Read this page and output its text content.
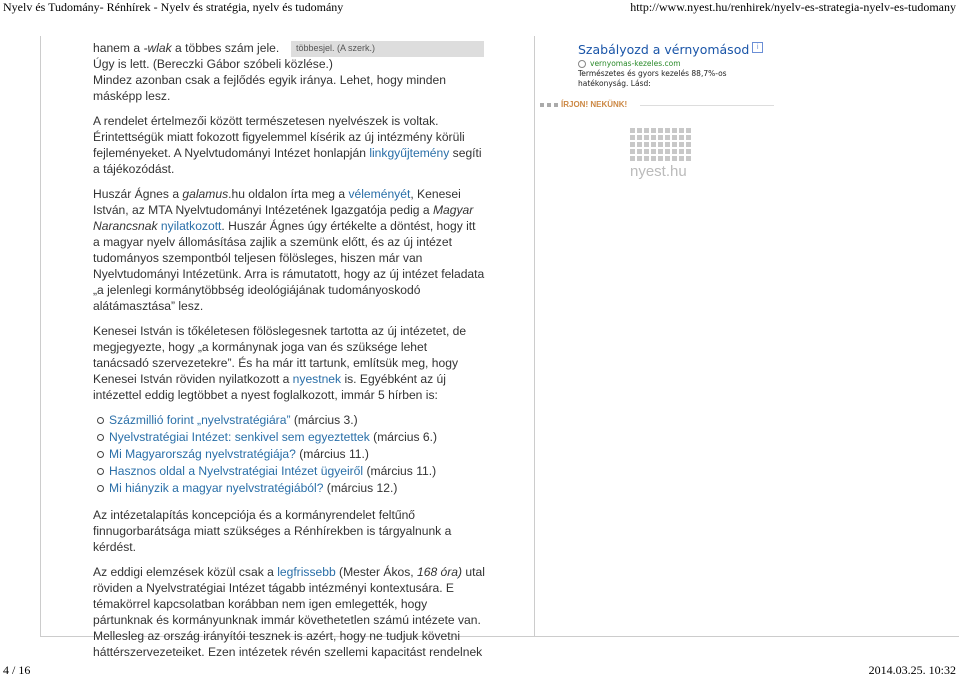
Nyelv és Tudomány- Rénhírek - Nyelv és stratégia, nyelv és tudomány	http://www.nyest.hu/renhirek/nyelv-es-strategia-nyelv-es-tudomany
többesjel. (A szerk.)

hanem a -wlak a többes szám jele.
Úgy is lett. (Bereczki Gábor szóbeli közlése.)
Mindez azonban csak a fejlődés egyik iránya. Lehet, hogy minden másképp lesz.

A rendelet értelmezői között természetesen nyelvészek is voltak. Érintettségük miatt fokozott figyelemmel kísérik az új intézmény körüli fejleményeket. A Nyelvtudományi Intézet honlapján linkgyűjtemény segíti a tájékozódást.

Huszár Ágnes a galamus.hu oldalon írta meg a véleményét, Kenesei István, az MTA Nyelvtudományi Intézetének Igazgatója pedig a Magyar Narancsnak nyilatkozott. Huszár Ágnes úgy értékelte a döntést, hogy itt a magyar nyelv állomásítása zajlik a szemünk előtt, és az új intézet tudományos szempontból teljesen fölösleges, hiszen már van Nyelvtudományi Intézetünk. Arra is rámutatott, hogy az új intézet feladata „a jelenlegi kormánytöbbség ideológiájának tudományoskodó alátámasztása” lesz.

Kenesei István is tőkéletesen fölöslegesnek tartotta az új intézetet, de megjegyezte, hogy „a kormánynak joga van és szüksége lehet tanácsadó szervezetekre”. És ha már itt tartunk, említsük meg, hogy Kenesei István röviden nyilatkozott a nyestnek is. Egyébként az új intézettel eddig legtöbbet a nyest foglalkozott, immár 5 hírben is:

Százmillió forint „nyelvstratégiára” (március 3.)
Nyelvstratégiai Intézet: senkivel sem egyeztettek (március 6.)
Mi Magyarország nyelvstratégiája? (március 11.)
Hasznos oldal a Nyelvstratégiai Intézet ügyeiről (március 11.)
Mi hiányzik a magyar nyelvstratégiából? (március 12.)

Az intézetalapítás koncepciója és a kormányrendelet feltűnő finnugorbarátsága miatt szükséges a Rénhírekben is tárgyalnunk a kérdést.

Az eddigi elemzések közül csak a legfrissebb (Mester Ákos, 168 óra) utal röviden a Nyelvstratégiai Intézet tágabb intézményi kontextusára. E témakörrel kapcsolatban korábban nem igen emlegették, hogy pártunknak és kormányunknak immár követhetetlen számú intézete van. Mellesleg az ország irányítói tesznek is azért, hogy ne tudjuk követni háttérszervezeteiket. Ezen intézetek révén szellemi kapacitást rendelnek

Szabályozd a vérnyomásod i
vernyomas-kezeles.com
Természetes és gyors kezelés 88,7%-os hatékonyság. Lásd:
ÍRJON! NEKÜNK!
nyest.hu
4 / 16	2014.03.25. 10:32
